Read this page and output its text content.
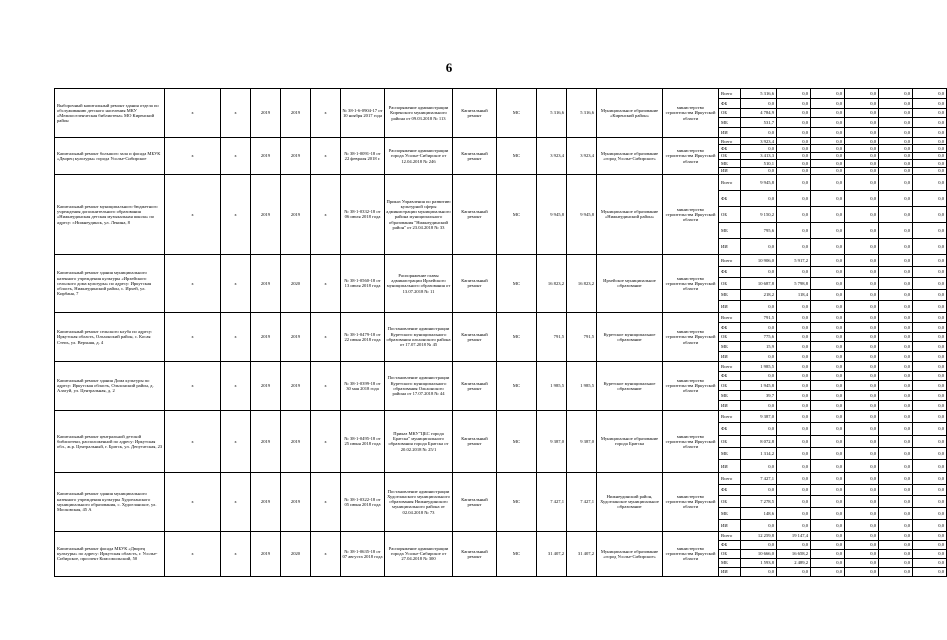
6
Выборочный капитальный ремонт здания отдела по обслуживанию детского населения МКУ «Межпоселенческая библиотека» МО Киренский район	х	х	2019	2019	х	№ 38-1-6-0904-17 от 10 ноября 2017 года	Распоряжение администрации Киренского муниципального района от 09.03.2018 № 113	Капитальный ремонт	МС	5 316,6	5 316,6	Муниципальное образование «Киренский район»	министерство строительства Иркутской области	Всего	5 316,6	0,0	0,0	0,0	0,0	0,0
														ФБ	0,0	0,0	0,0	0,0	0,0	0,0
														ОБ	4 784,9	0,0	0,0	0,0	0,0	0,0
														МБ	531,7	0,0	0,0	0,0	0,0	0,0
														ИИ	0,0	0,0	0,0	0,0	0,0	0,0
Капитальный ремонт большого зала и фасада МБУК «Дворец культуры» города Усолье-Сибирское	х	х	2019	2019	х	№ 38-1-0091-18 от 22 февраля 2018 г.	Распоряжение администрации города Усолье-Сибирское от 12.04.2018 № 246	Капитальный ремонт	МС	3 923,4	3 923,4	Муниципальное образование «город Усолье-Сибирское»	министерство строительства Иркутской области	Всего	3 923,4	0,0	0,0	0,0	0,0	0,0
														ФБ	0,0	0,0	0,0	0,0	0,0	0,0
														ОБ	3 413,3	0,0	0,0	0,0	0,0	0,0
														МБ	510,1	0,0	0,0	0,0	0,0	0,0
														ИИ	0,0	0,0	0,0	0,0	0,0	0,0
Капитальный ремонт муниципального бюджетного учреждения дополнительного образования «Нижнеудинская детская музыкальная школа» по адресу: г.Нижнеудинск, ул. Ленина, 8	х	х	2019	2019	х	№ 38-1-0332-18 от 06 июля 2018 года	Приказ Управления по развитию культурной сферы администрации муниципального района муниципального образования "Нижнеудинский район" от 23.04.2018 № 33	Капитальный ремонт	МС	9 945,8	9 945,8	Муниципальное образование «Нижнеудинский район»	министерство строительства Иркутской области	Всего	9 945,8	0,0	0,0	0,0	0,0	0,0
														ФБ	0,0	0,0	0,0	0,0	0,0	0,0
														ОБ	9 150,2	0,0	0,0	0,0	0,0	0,0
														МБ	795,6	0,0	0,0	0,0	0,0	0,0
														ИИ	0,0	0,0	0,0	0,0	0,0	0,0
Капитальный ремонт здания муниципального казенного учреждения культуры «Ирхейского сельского дома культуры» по адресу: Иркутская область, Нижнеудинский район, с. Ирхей, ул. Кирбаня, 7	х	х	2019	2020	х	№ 38-1-0560-18 от 13 июля 2018 года	Распоряжение главы администрации Ирхейского муниципального образования от 13.07.2018 № 11	Капитальный ремонт	МС	16 823,2	16 823,2	Ирхейское муниципальное образование	министерство строительства Иркутской области	Всего	10 906,0	5 917,2	0,0	0,0	0,0	0,0
														ФБ	0,0	0,0	0,0	0,0	0,0	0,0
														ОБ	10 687,8	5 798,8	0,0	0,0	0,0	0,0
														МБ	218,2	118,4	0,0	0,0	0,0	0,0
														ИИ	0,0	0,0	0,0	0,0	0,0	0,0
Капитальный ремонт сельского клуба по адресу: Иркутская область, Ольхонский район, с. Косая Степь, ул. Верхняя, д. 4	х	х	2019	2019	х	№ 38-1-0479-18 от 22 июня 2018 года	Постановление администрации Куретского муниципального образования ольхонского района от 17.07.2018 № 45	Капитальный ремонт	МС	791,5	791,5	Куретское муниципальное образование	министерство строительства Иркутской области	Всего	791,5	0,0	0,0	0,0	0,0	0,0
														ФБ	0,0	0,0	0,0	0,0	0,0	0,0
														ОБ	775,6	0,0	0,0	0,0	0,0	0,0
														МБ	15,9	0,0	0,0	0,0	0,0	0,0
														ИИ	0,0	0,0	0,0	0,0	0,0	0,0
Капитальный ремонт здания Дома культуры по адресу: Иркутская область, Ольхонский район, д. Алагуй, ул. Центральная, д. 2	х	х	2019	2019	х	№ 38-1-0399-18 от 30 мая 2018 года	Постановление администрации Куретского муниципального образования Ольхонского района от 17.07.2018 № 44	Капитальный ремонт	МС	1 985,5	1 985,5	Куретское муниципальное образование	министерство строительства Иркутской области	Всего	1 985,5	0,0	0,0	0,0	0,0	0,0
														ФБ	0,0	0,0	0,0	0,0	0,0	0,0
														ОБ	1 945,8	0,0	0,0	0,0	0,0	0,0
														МБ	39,7	0,0	0,0	0,0	0,0	0,0
														ИИ	0,0	0,0	0,0	0,0	0,0	0,0
Капитальный ремонт центральной детской библиотеки, расположенной по адресу: Иркутская обл., ж.р. Центральный, г. Братск, ул. Депутатская, 23	х	х	2019	2019	х	№ 38-1-0495-18 от 25 июня 2018 года	Приказ МКУ"ЦБС города Братска" муниципального образования города Братска от 20.02.2018 № 25/1	Капитальный ремонт	МС	9 387,0	9 387,0	Муниципальное образование города Братска	министерство строительства Иркутской области	Всего	9 387,0	0,0	0,0	0,0	0,0	0,0
														ФБ	0,0	0,0	0,0	0,0	0,0	0,0
														ОБ	8 072,8	0,0	0,0	0,0	0,0	0,0
														МБ	1 314,2	0,0	0,0	0,0	0,0	0,0
														ИИ	0,0	0,0	0,0	0,0	0,0	0,0
Капитальный ремонт здания муниципального казенного учреждения культуры Худоеланского муниципального образования, с. Худоеланское, ул. Московская, 45 А	х	х	2019	2019	х	№ 38-1-0322-18 от 05 июня 2018 года	Постановление администрации Худоеланского муниципального образования Нижнеудинского муниципального района от 02.04.2018 № 73	Капитальный ремонт	МС	7 427,1	7 427,1	Нижнеудинский район, Худоеланское муниципальное образование	министерство строительства Иркутской области	Всего	7 427,1	0,0	0,0	0,0	0,0	0,0
														ФБ	0,0	0,0	0,0	0,0	0,0	0,0
														ОБ	7 278,5	0,0	0,0	0,0	0,0	0,0
														МБ	148,6	0,0	0,0	0,0	0,0	0,0
														ИИ	0,0	0,0	0,0	0,0	0,0	0,0
Капитальный ремонт фасада МБУК «Дворец культуры» по адресу: Иркутская область, г. Усолье-Сибирское, проспект Комсомольский, 50	х	х	2019	2020	х	№ 38-1-0635-18 от 07 августа 2018 года	Распоряжение администрации города Усолье-Сибирское от 27.04.2018 № 300	Капитальный ремонт	МС	31 407,2	31 407,2	Муниципальное образование «город Усолье-Сибирское»	министерство строительства Иркутской области	Всего	12 259,8	19 147,4	0,0	0,0	0,0	0,0
														ФБ	0,0	0,0	0,0	0,0	0,0	0,0
														ОБ	10 666,0	16 658,2	0,0	0,0	0,0	0,0
														МБ	1 593,8	2 489,2	0,0	0,0	0,0	0,0
														ИИ	0,0	0,0	0,0	0,0	0,0	0,0
